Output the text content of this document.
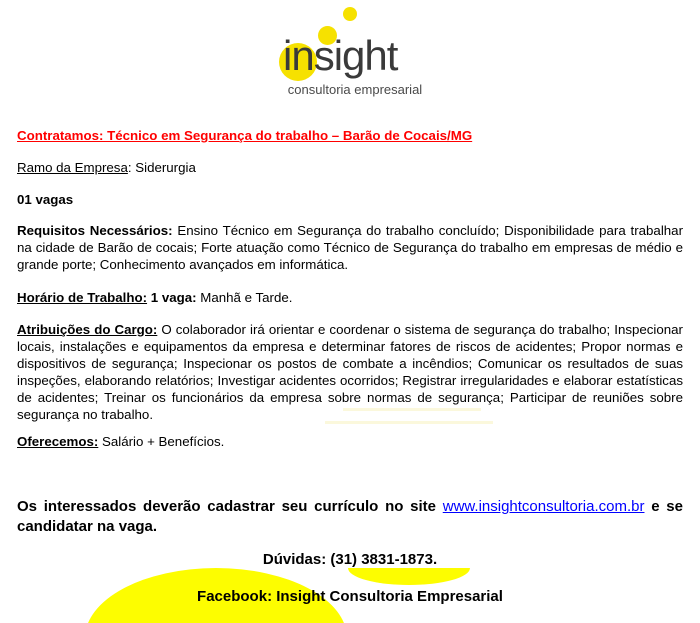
insight
consultoria empresarial

Contratamos: Técnico em Segurança do trabalho – Barão de Cocais/MG

Ramo da Empresa: Siderurgia

01 vagas

Requisitos Necessários: Ensino Técnico em Segurança do trabalho concluído; Disponibilidade para trabalhar na cidade de Barão de cocais; Forte atuação como Técnico de Segurança do trabalho em empresas de médio e grande porte; Conhecimento avançados em informática.

Horário de Trabalho: 1 vaga: Manhã e Tarde.

Atribuições do Cargo: O colaborador irá orientar e coordenar o sistema de segurança do trabalho; Inspecionar locais, instalações e equipamentos da empresa e determinar fatores de riscos de acidentes; Propor normas e dispositivos de segurança; Inspecionar os postos de combate a incêndios; Comunicar os resultados de suas inspeções, elaborando relatórios; Investigar acidentes ocorridos; Registrar irregularidades e elaborar estatísticas de acidentes; Treinar os funcionários da empresa sobre normas de segurança; Participar de reuniões sobre segurança no trabalho.

Oferecemos: Salário + Benefícios.

Os interessados deverão cadastrar seu currículo no site www.insightconsultoria.com.br e se candidatar na vaga.

Dúvidas: (31) 3831-1873.

Facebook: Insight Consultoria Empresarial
